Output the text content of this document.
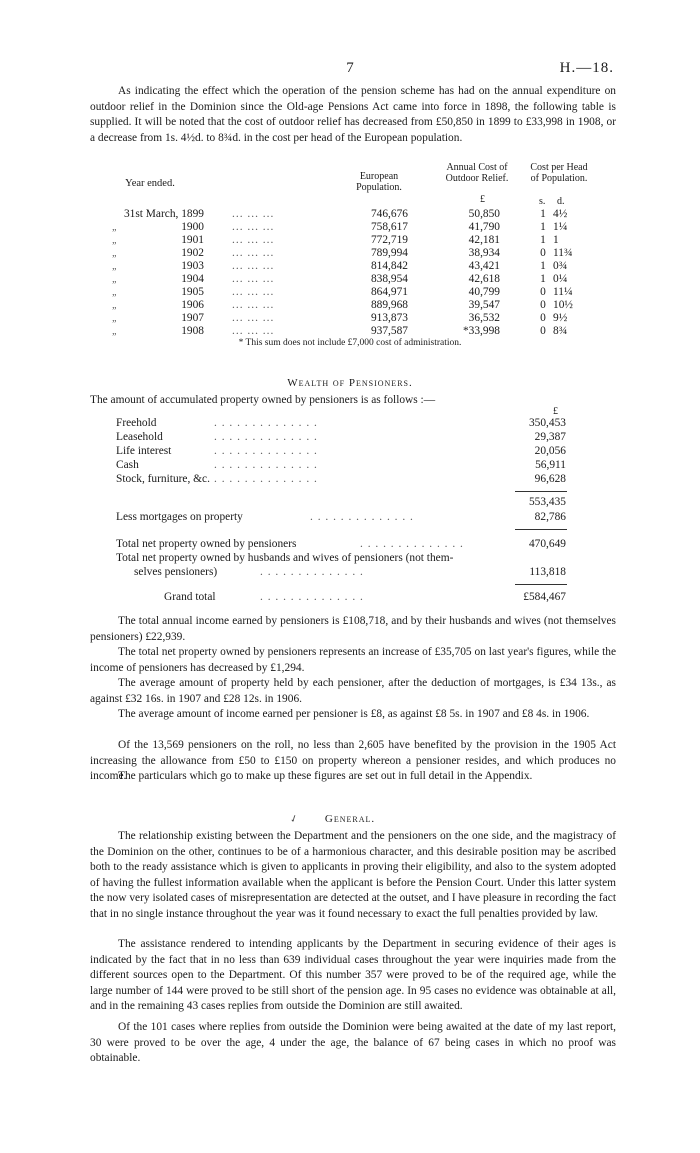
7	H.—18.

As indicating the effect which the operation of the pension scheme has had on the annual expenditure on outdoor relief in the Dominion since the Old-age Pensions Act came into force in 1898, the following table is supplied. It will be noted that the cost of outdoor relief has decreased from £50,850 in 1899 to £33,998 in 1908, or a decrease from 1s. 4½d. to 8¾d. in the cost per head of the European population.

Year ended.
European Population.
Annual Cost of Outdoor Relief.
Cost per Head of Population.
£	s. d.
31st March, 1899 ... ... ...	746,676	50,850	1 4½
„	1900 ... ... ...	758,617	41,790	1 1¼
„	1901 ... ... ...	772,719	42,181	1 1
„	1902 ... ... ...	789,994	38,934	0 11¾
„	1903 ... ... ...	814,842	43,421	1 0¾
„	1904 ... ... ...	838,954	42,618	1 0¼
„	1905 ... ... ...	864,971	40,799	0 11¼
„	1906 ... ... ...	889,968	39,547	0 10½
„	1907 ... ... ...	913,873	36,532	0 9½
„	1908 ... ... ...	937,587	*33,998	0 8¾
* This sum does not include £7,000 cost of administration.
Wealth of Pensioners.

The amount of accumulated property owned by pensioners is as follows :—

£
Freehold	. . . . . . . . . . . . . .	350,453
Leasehold	. . . . . . . . . . . . . .	29,387
Life interest	. . . . . . . . . . . . . .	20,056
Cash	. . . . . . . . . . . . . .	56,911
Stock, furniture, &c. . . . . . . . . . . . . . .	96,628
553,435
Less mortgages on property	. . . . . . . . . . . . . .	82,786
Total net property owned by pensioners	. . . . . . . . . . . . . .	470,649
Total net property owned by husbands and wives of pensioners (not them-
selves pensioners)	. . . . . . . . . . . . . .	113,818
Grand total	. . . . . . . . . . . . . .	£584,467

The total annual income earned by pensioners is £108,718, and by their husbands and wives (not themselves pensioners) £22,939.

The total net property owned by pensioners represents an increase of £35,705 on last year's figures, while the income of pensioners has decreased by £1,294.

The average amount of property held by each pensioner, after the deduction of mortgages, is £34 13s., as against £32 16s. in 1907 and £28 12s. in 1906.

The average amount of income earned per pensioner is £8, as against £8 5s. in 1907 and £8 4s. in 1906.

Of the 13,569 pensioners on the roll, no less than 2,605 have benefited by the provision in the 1905 Act increasing the allowance from £50 to £150 on property whereon a pensioner resides, and which produces no income.

The particulars which go to make up these figures are set out in full detail in the Appendix.

✓	General.

The relationship existing between the Department and the pensioners on the one side, and the magistracy of the Dominion on the other, continues to be of a harmonious character, and this desirable position may be ascribed both to the ready assistance which is given to applicants in proving their eligibility, and also to the system adopted of having the fullest information available when the applicant is before the Pension Court. Under this latter system the now very isolated cases of misrepresentation are detected at the outset, and I have pleasure in recording the fact that in no single instance throughout the year was it found necessary to exact the full penalties provided by law.

The assistance rendered to intending applicants by the Department in securing evidence of their ages is indicated by the fact that in no less than 639 individual cases throughout the year were inquiries made from the different sources open to the Department. Of this number 357 were proved to be of the required age, while the large number of 144 were proved to be still short of the pension age. In 95 cases no evidence was obtainable at all, and in the remaining 43 cases replies from outside the Dominion are still awaited.

Of the 101 cases where replies from outside the Dominion were being awaited at the date of my last report, 30 were proved to be over the age, 4 under the age, the balance of 67 being cases in which no proof was obtainable.
